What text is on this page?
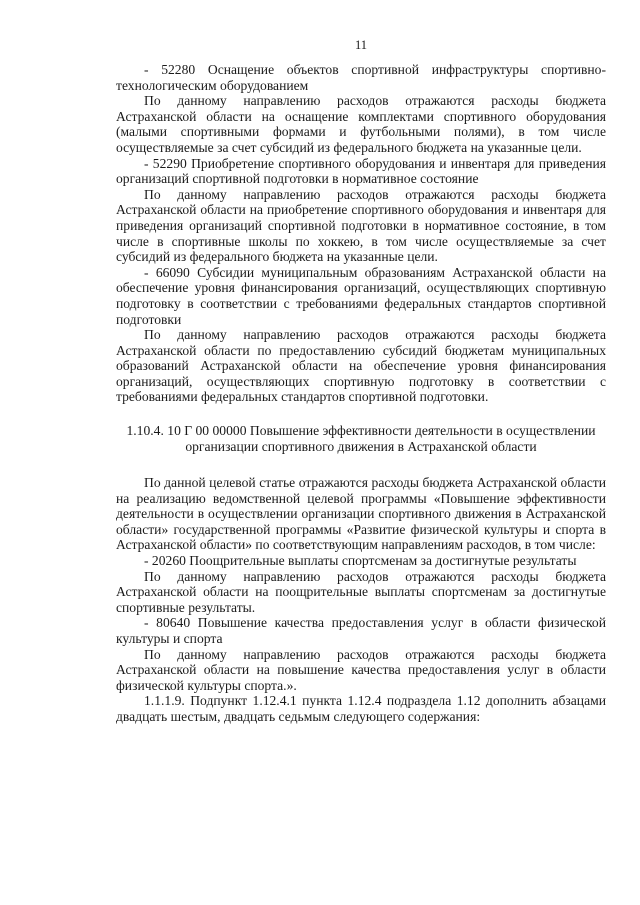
11

- 52280 Оснащение объектов спортивной инфраструктуры спортивно-технологическим оборудованием

По данному направлению расходов отражаются расходы бюджета Астраханской области на оснащение комплектами спортивного оборудования (малыми спортивными формами и футбольными полями), в том числе осуществляемые за счет субсидий из федерального бюджета на указанные цели.

- 52290 Приобретение спортивного оборудования и инвентаря для приведения организаций спортивной подготовки в нормативное состояние

По данному направлению расходов отражаются расходы бюджета Астраханской области на приобретение спортивного оборудования и инвентаря для приведения организаций спортивной подготовки в нормативное состояние, в том числе в спортивные школы по хоккею, в том числе осуществляемые за счет субсидий из федерального бюджета на указанные цели.

- 66090 Субсидии муниципальным образованиям Астраханской области на обеспечение уровня финансирования организаций, осуществляющих спортивную подготовку в соответствии с требованиями федеральных стандартов спортивной подготовки

По данному направлению расходов отражаются расходы бюджета Астраханской области по предоставлению субсидий бюджетам муниципальных образований Астраханской области на обеспечение уровня финансирования организаций, осуществляющих спортивную подготовку в соответствии с требованиями федеральных стандартов спортивной подготовки.

1.10.4. 10 Г 00 00000 Повышение эффективности деятельности в осуществлении организации спортивного движения в Астраханской области

По данной целевой статье отражаются расходы бюджета Астраханской области на реализацию ведомственной целевой программы «Повышение эффективности деятельности в осуществлении организации спортивного движения в Астраханской области» государственной программы «Развитие физической культуры и спорта в Астраханской области» по соответствующим направлениям расходов, в том числе:

- 20260 Поощрительные выплаты спортсменам за достигнутые результаты

По данному направлению расходов отражаются расходы бюджета Астраханской области на поощрительные выплаты спортсменам за достигнутые спортивные результаты.

- 80640 Повышение качества предоставления услуг в области физической культуры и спорта

По данному направлению расходов отражаются расходы бюджета Астраханской области на повышение качества предоставления услуг в области физической культуры спорта.».

1.1.1.9. Подпункт 1.12.4.1 пункта 1.12.4 подраздела 1.12 дополнить абзацами двадцать шестым, двадцать седьмым следующего содержания:
